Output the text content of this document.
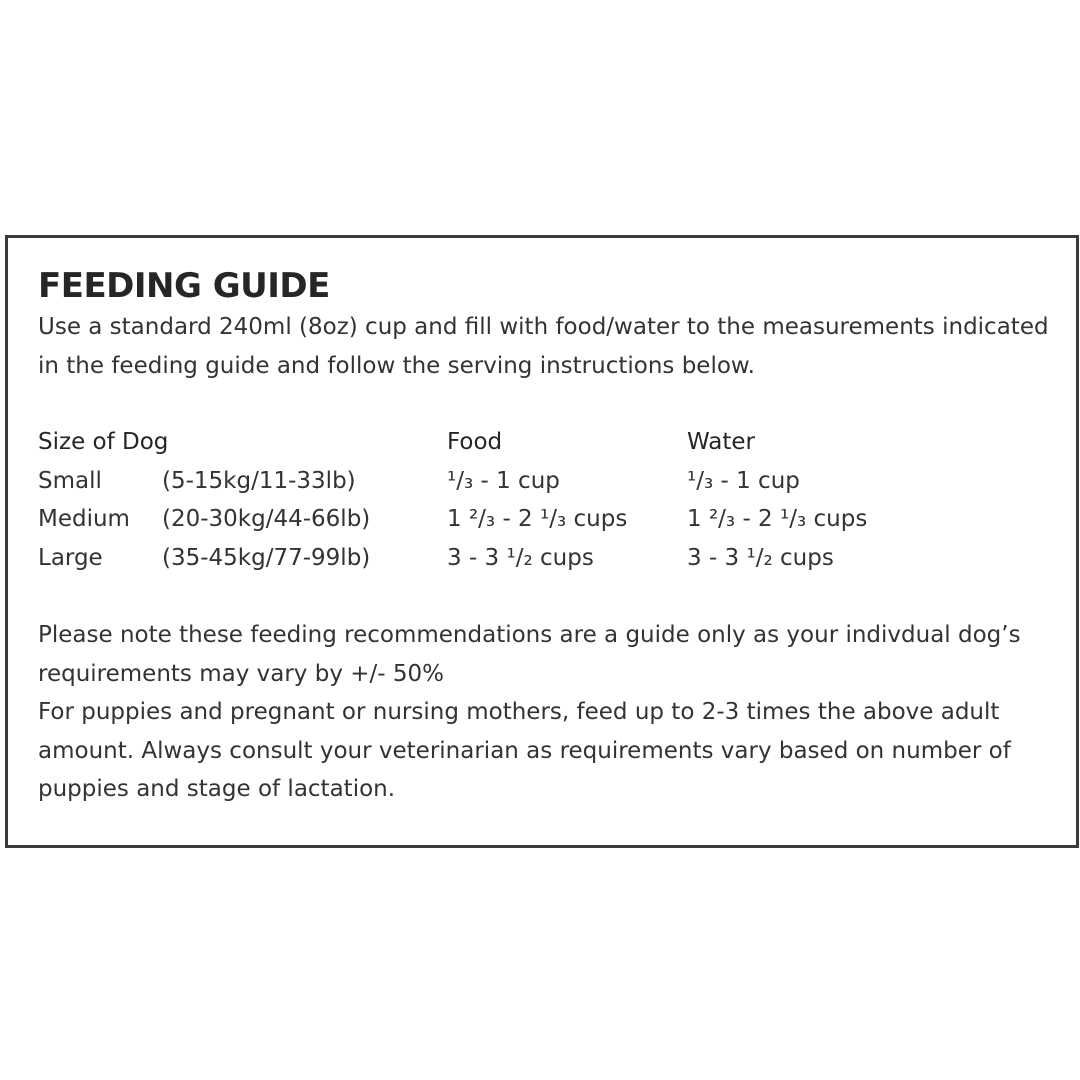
FEEDING GUIDE

Use a standard 240ml (8oz) cup and fill with food/water to the measurements indicated in the feeding guide and follow the serving instructions below.

Size of Dog	Food	Water
Small	(5-15kg/11-33lb)	¹/₃ - 1 cup	¹/₃ - 1 cup
Medium (20-30kg/44-66lb)	1 ²/₃ - 2 ¹/₃ cups	1 ²/₃ - 2 ¹/₃ cups
Large	(35-45kg/77-99lb)	3 - 3 ¹/₂ cups	3 - 3 ¹/₂ cups

Please note these feeding recommendations are a guide only as your indivdual dog’s requirements may vary by +/- 50%

For puppies and pregnant or nursing mothers, feed up to 2-3 times the above adult amount. Always consult your veterinarian as requirements vary based on number of puppies and stage of lactation.
